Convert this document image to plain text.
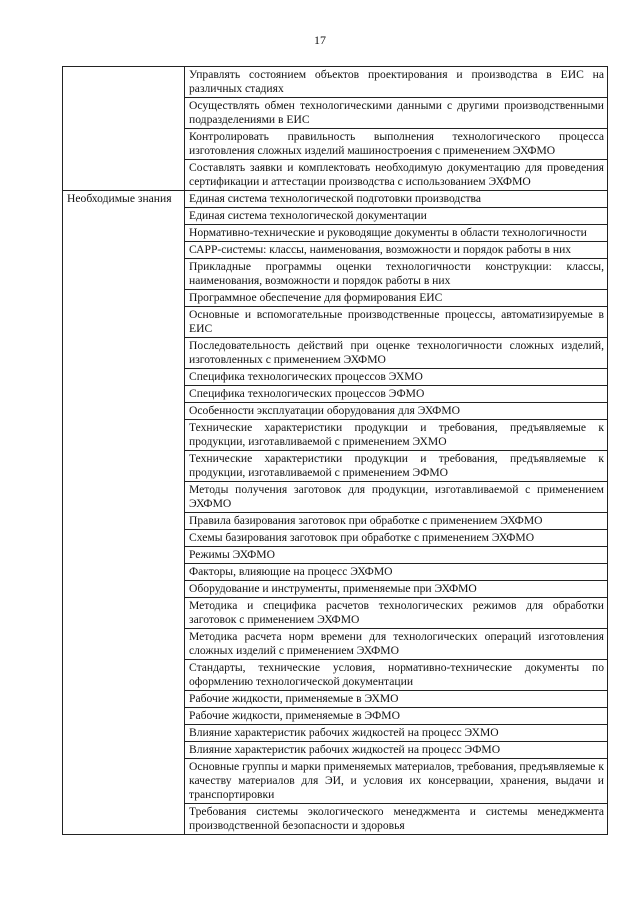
17
	Управлять состоянием объектов проектирования и производства в ЕИС на различных стадиях
	Осуществлять обмен технологическими данными с другими производственными подразделениями в ЕИС
	Контролировать правильность выполнения технологического процесса изготовления сложных изделий машиностроения с применением ЭХФМО
	Составлять заявки и комплектовать необходимую документацию для проведения сертификации и аттестации производства с использованием ЭХФМО
Необходимые знания	Единая система технологической подготовки производства
	Единая система технологической документации
	Нормативно-технические и руководящие документы в области технологичности
	САРР-системы: классы, наименования, возможности и порядок работы в них
	Прикладные программы оценки технологичности конструкции: классы, наименования, возможности и порядок работы в них
	Программное обеспечение для формирования ЕИС
	Основные и вспомогательные производственные процессы, автоматизируемые в ЕИС
	Последовательность действий при оценке технологичности сложных изделий, изготовленных с применением ЭХФМО
	Специфика технологических процессов ЭХМО
	Специфика технологических процессов ЭФМО
	Особенности эксплуатации оборудования для ЭХФМО
	Технические характеристики продукции и требования, предъявляемые к продукции, изготавливаемой с применением ЭХМО
	Технические характеристики продукции и требования, предъявляемые к продукции, изготавливаемой с применением ЭФМО
	Методы получения заготовок для продукции, изготавливаемой с применением ЭХФМО
	Правила базирования заготовок при обработке с применением ЭХФМО
	Схемы базирования заготовок при обработке с применением ЭХФМО
	Режимы ЭХФМО
	Факторы, влияющие на процесс ЭХФМО
	Оборудование и инструменты, применяемые при ЭХФМО
	Методика и специфика расчетов технологических режимов для обработки заготовок с применением ЭХФМО
	Методика расчета норм времени для технологических операций изготовления сложных изделий с применением ЭХФМО
	Стандарты, технические условия, нормативно-технические документы по оформлению технологической документации
	Рабочие жидкости, применяемые в ЭХМО
	Рабочие жидкости, применяемые в ЭФМО
	Влияние характеристик рабочих жидкостей на процесс ЭХМО
	Влияние характеристик рабочих жидкостей на процесс ЭФМО
	Основные группы и марки применяемых материалов, требования, предъявляемые к качеству материалов для ЭИ, и условия их консервации, хранения, выдачи и транспортировки
	Требования системы экологического менеджмента и системы менеджмента производственной безопасности и здоровья
